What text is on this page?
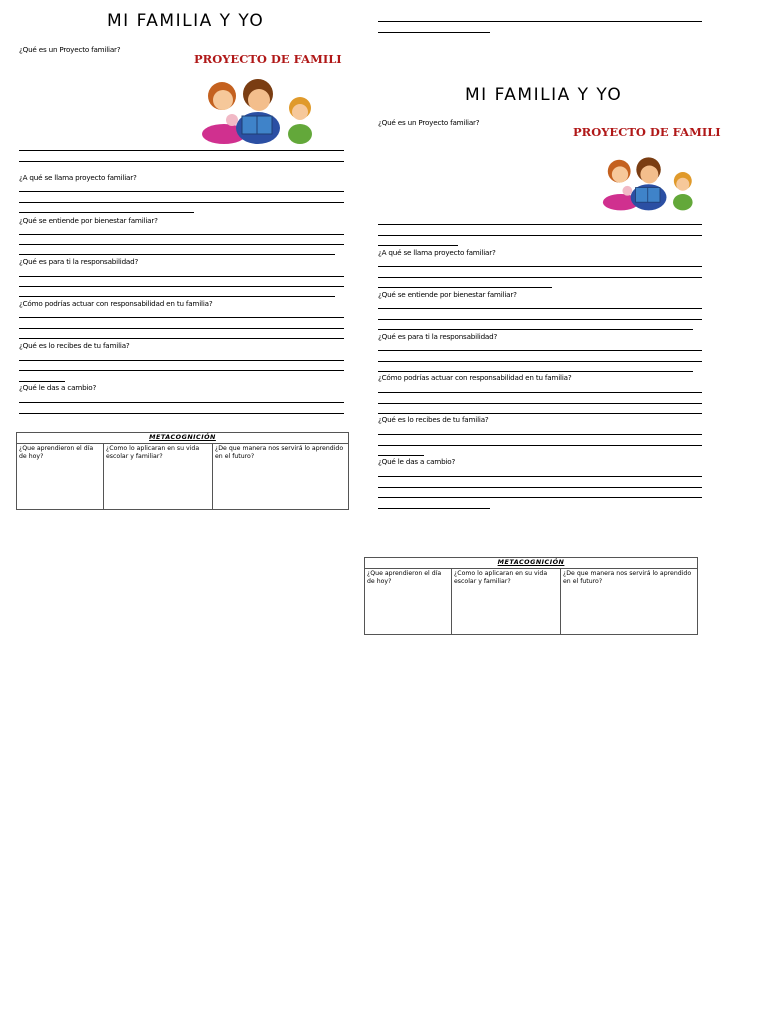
MI FAMILIA Y YO
¿Qué es un Proyecto familiar?
PROYECTO DE FAMILI
¿A qué se llama proyecto familiar?
¿Qué se entiende por bienestar familiar?
¿Qué es para ti la responsabilidad?
¿Cómo podrías actuar con responsabilidad en tu familia?
¿Qué es lo recibes de tu familia?
¿Qué le das a cambio?
METACOGNICIÓN
¿Que aprendieron el día de hoy?	¿Como lo aplicaran en su vida escolar y familiar?	¿De que manera nos servirá lo aprendido en el futuro?
MI FAMILIA Y YO
¿Qué es un Proyecto familiar?
PROYECTO DE FAMILI
¿A qué se llama proyecto familiar?
¿Qué se entiende por bienestar familiar?
¿Qué es para ti la responsabilidad?
¿Cómo podrías actuar con responsabilidad en tu familia?
¿Qué es lo recibes de tu familia?
¿Qué le das a cambio?
METACOGNICIÓN
¿Que aprendieron el día de hoy?	¿Como lo aplicaran en su vida escolar y familiar?	¿De que manera nos servirá lo aprendido en el futuro?
